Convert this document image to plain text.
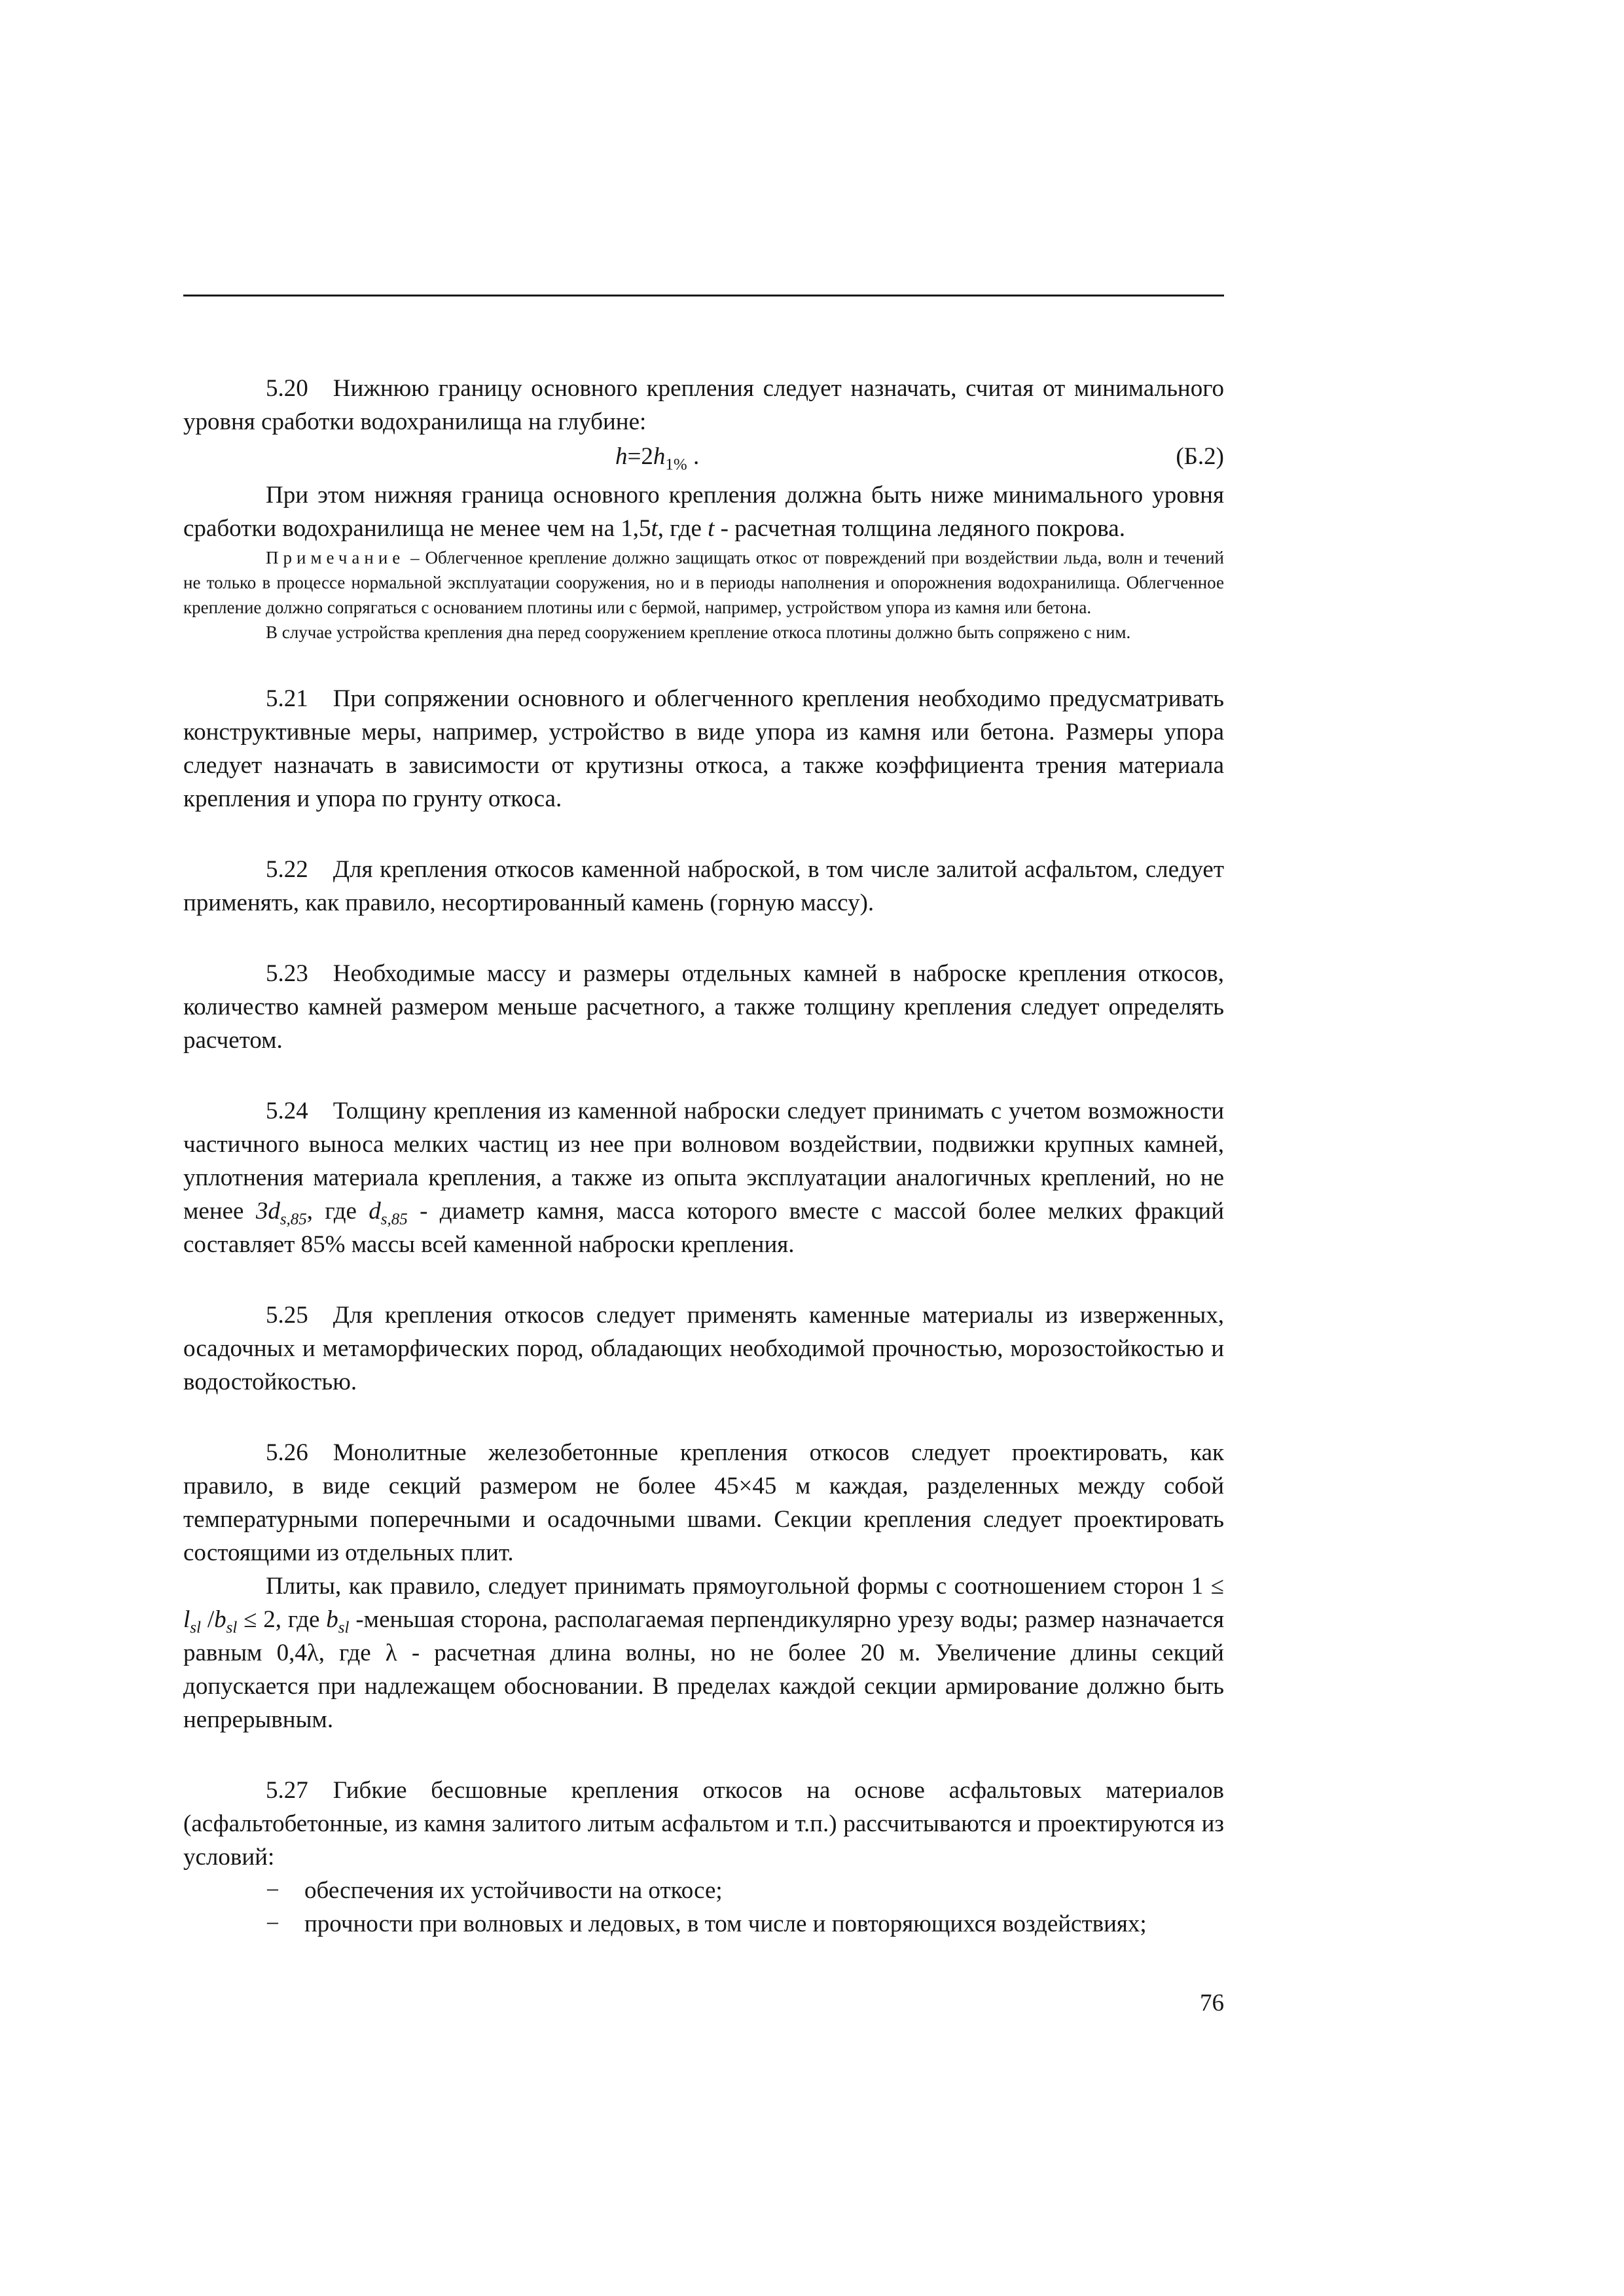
5.20 Нижнюю границу основного крепления следует назначать, считая от минимального уровня сработки водохранилища на глубине:

$h=2h_{1\%}$ .	(Б.2)

При этом нижняя граница основного крепления должна быть ниже минимального уровня сработки водохранилища не менее чем на 1,5t, где t - расчетная толщина ледяного покрова.

Примечание – Облегченное крепление должно защищать откос от повреждений при воздействии льда, волн и течений не только в процессе нормальной эксплуатации сооружения, но и в периоды наполнения и опорожнения водохранилища. Облегченное крепление должно сопрягаться с основанием плотины или с бермой, например, устройством упора из камня или бетона.

В случае устройства крепления дна перед сооружением крепление откоса плотины должно быть сопряжено с ним.

5.21 При сопряжении основного и облегченного крепления необходимо предусматривать конструктивные меры, например, устройство в виде упора из камня или бетона. Размеры упора следует назначать в зависимости от крутизны откоса, а также коэффициента трения материала крепления и упора по грунту откоса.

5.22 Для крепления откосов каменной наброской, в том числе залитой асфальтом, следует применять, как правило, несортированный камень (горную массу).

5.23 Необходимые массу и размеры отдельных камней в наброске крепления откосов, количество камней размером меньше расчетного, а также толщину крепления следует определять расчетом.

5.24 Толщину крепления из каменной наброски следует принимать с учетом возможности частичного выноса мелких частиц из нее при волновом воздействии, подвижки крупных камней, уплотнения материала крепления, а также из опыта эксплуатации аналогичных креплений, но не менее $3d_{s,85}$, где $d_{s,85}$ - диаметр камня, масса которого вместе с массой более мелких фракций составляет 85% массы всей каменной наброски крепления.

5.25 Для крепления откосов следует применять каменные материалы из изверженных, осадочных и метаморфических пород, обладающих необходимой прочностью, морозостойкостью и водостойкостью.

5.26 Монолитные железобетонные крепления откосов следует проектировать, как правило, в виде секций размером не более 45×45 м каждая, разделенных между собой температурными поперечными и осадочными швами. Секции крепления следует проектировать состоящими из отдельных плит.

Плиты, как правило, следует принимать прямоугольной формы с соотношением сторон $1 \le l_{sl}$ $/b_{sl} \le 2$, где $b_{sl}$ -меньшая сторона, располагаемая перпендикулярно урезу воды; размер назначается равным 0,4λ, где λ - расчетная длина волны, но не более 20 м. Увеличение длины секций допускается при надлежащем обосновании. В пределах каждой секции армирование должно быть непрерывным.

5.27 Гибкие бесшовные крепления откосов на основе асфальтовых материалов (асфальтобетонные, из камня залитого литым асфальтом и т.п.) рассчитываются и проектируются из условий:

− обеспечения их устойчивости на откосе;

− прочности при волновых и ледовых, в том числе и повторяющихся воздействиях;

76
